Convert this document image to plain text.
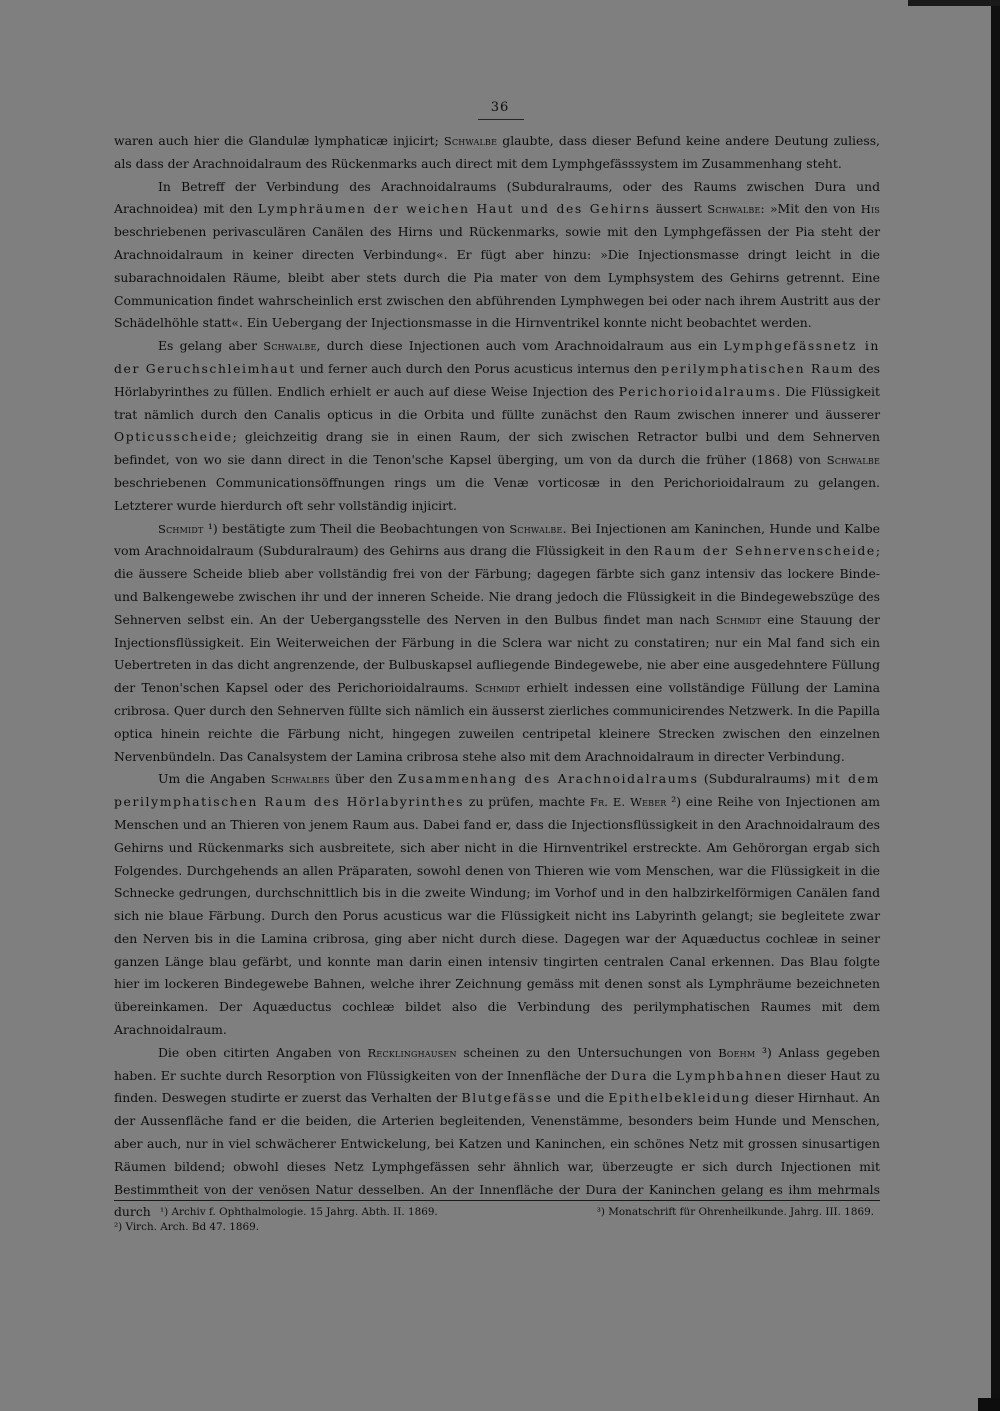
36

waren auch hier die Glandulæ lymphaticæ injicirt; Schwalbe glaubte, dass dieser Befund keine andere Deutung zuliess, als dass der Arachnoidalraum des Rückenmarks auch direct mit dem Lymphgefässsystem im Zusammenhang steht.

In Betreff der Verbindung des Arachnoidalraums (Subduralraums, oder des Raums zwischen Dura und Arachnoidea) mit den Lymphräumen der weichen Haut und des Gehirns äussert Schwalbe: »Mit den von His beschriebenen perivasculären Canälen des Hirns und Rückenmarks, sowie mit den Lymphgefässen der Pia steht der Arachnoidalraum in keiner directen Verbindung«. Er fügt aber hinzu: »Die Injectionsmasse dringt leicht in die subarachnoidalen Räume, bleibt aber stets durch die Pia mater von dem Lymphsystem des Gehirns getrennt. Eine Communication findet wahrscheinlich erst zwischen den abführenden Lymphwegen bei oder nach ihrem Austritt aus der Schädelhöhle statt«. Ein Uebergang der Injectionsmasse in die Hirnventrikel konnte nicht beobachtet werden.

Es gelang aber Schwalbe, durch diese Injectionen auch vom Arachnoidalraum aus ein Lymphgefässnetz in der Geruchschleimhaut und ferner auch durch den Porus acusticus internus den perilymphatischen Raum des Hörlabyrinthes zu füllen. Endlich erhielt er auch auf diese Weise Injection des Perichorioidalraums. Die Flüssigkeit trat nämlich durch den Canalis opticus in die Orbita und füllte zunächst den Raum zwischen innerer und äusserer Opticusscheide; gleichzeitig drang sie in einen Raum, der sich zwischen Retractor bulbi und dem Sehnerven befindet, von wo sie dann direct in die Tenon'sche Kapsel überging, um von da durch die früher (1868) von Schwalbe beschriebenen Communicationsöffnungen rings um die Venæ vorticosæ in den Perichorioidalraum zu gelangen. Letzterer wurde hierdurch oft sehr vollständig injicirt.

Schmidt ¹) bestätigte zum Theil die Beobachtungen von Schwalbe. Bei Injectionen am Kaninchen, Hunde und Kalbe vom Arachnoidalraum (Subduralraum) des Gehirns aus drang die Flüssigkeit in den Raum der Sehnervenscheide; die äussere Scheide blieb aber vollständig frei von der Färbung; dagegen färbte sich ganz intensiv das lockere Binde- und Balkengewebe zwischen ihr und der inneren Scheide. Nie drang jedoch die Flüssigkeit in die Bindegewebszüge des Sehnerven selbst ein. An der Uebergangsstelle des Nerven in den Bulbus findet man nach Schmidt eine Stauung der Injectionsflüssigkeit. Ein Weiterweichen der Färbung in die Sclera war nicht zu constatiren; nur ein Mal fand sich ein Uebertreten in das dicht angrenzende, der Bulbuskapsel aufliegende Bindegewebe, nie aber eine ausgedehntere Füllung der Tenon'schen Kapsel oder des Perichorioidalraums. Schmidt erhielt indessen eine vollständige Füllung der Lamina cribrosa. Quer durch den Sehnerven füllte sich nämlich ein äusserst zierliches communicirendes Netzwerk. In die Papilla optica hinein reichte die Färbung nicht, hingegen zuweilen centripetal kleinere Strecken zwischen den einzelnen Nervenbündeln. Das Canalsystem der Lamina cribrosa stehe also mit dem Arachnoidalraum in directer Verbindung.

Um die Angaben Schwalbes über den Zusammenhang des Arachnoidalraums (Subduralraums) mit dem perilymphatischen Raum des Hörlabyrinthes zu prüfen, machte Fr. E. Weber ²) eine Reihe von Injectionen am Menschen und an Thieren von jenem Raum aus. Dabei fand er, dass die Injectionsflüssigkeit in den Arachnoidalraum des Gehirns und Rückenmarks sich ausbreitete, sich aber nicht in die Hirnventrikel erstreckte. Am Gehörorgan ergab sich Folgendes. Durchgehends an allen Präparaten, sowohl denen von Thieren wie vom Menschen, war die Flüssigkeit in die Schnecke gedrungen, durchschnittlich bis in die zweite Windung; im Vorhof und in den halbzirkelförmigen Canälen fand sich nie blaue Färbung. Durch den Porus acusticus war die Flüssigkeit nicht ins Labyrinth gelangt; sie begleitete zwar den Nerven bis in die Lamina cribrosa, ging aber nicht durch diese. Dagegen war der Aquæductus cochleæ in seiner ganzen Länge blau gefärbt, und konnte man darin einen intensiv tingirten centralen Canal erkennen. Das Blau folgte hier im lockeren Bindegewebe Bahnen, welche ihrer Zeichnung gemäss mit denen sonst als Lymphräume bezeichneten übereinkamen. Der Aquæductus cochleæ bildet also die Verbindung des perilymphatischen Raumes mit dem Arachnoidalraum.

Die oben citirten Angaben von Recklinghausen scheinen zu den Untersuchungen von Boehm ³) Anlass gegeben haben. Er suchte durch Resorption von Flüssigkeiten von der Innenfläche der Dura die Lymphbahnen dieser Haut zu finden. Deswegen studirte er zuerst das Verhalten der Blutgefässe und die Epithelbekleidung dieser Hirnhaut. An der Aussenfläche fand er die beiden, die Arterien begleitenden, Venenstämme, besonders beim Hunde und Menschen, aber auch, nur in viel schwächerer Entwickelung, bei Katzen und Kaninchen, ein schönes Netz mit grossen sinusartigen Räumen bildend; obwohl dieses Netz Lymphgefässen sehr ähnlich war, überzeugte er sich durch Injectionen mit Bestimmtheit von der venösen Natur desselben. An der Innenfläche der Dura der Kaninchen gelang es ihm mehrmals durch ¹) Archiv f. Ophthalmologie. 15 Jahrg. Abth. II. 1869.	³) Monatschrift für Ohrenheilkunde. Jahrg. III. 1869.
²) Virch. Arch. Bd 47. 1869.
